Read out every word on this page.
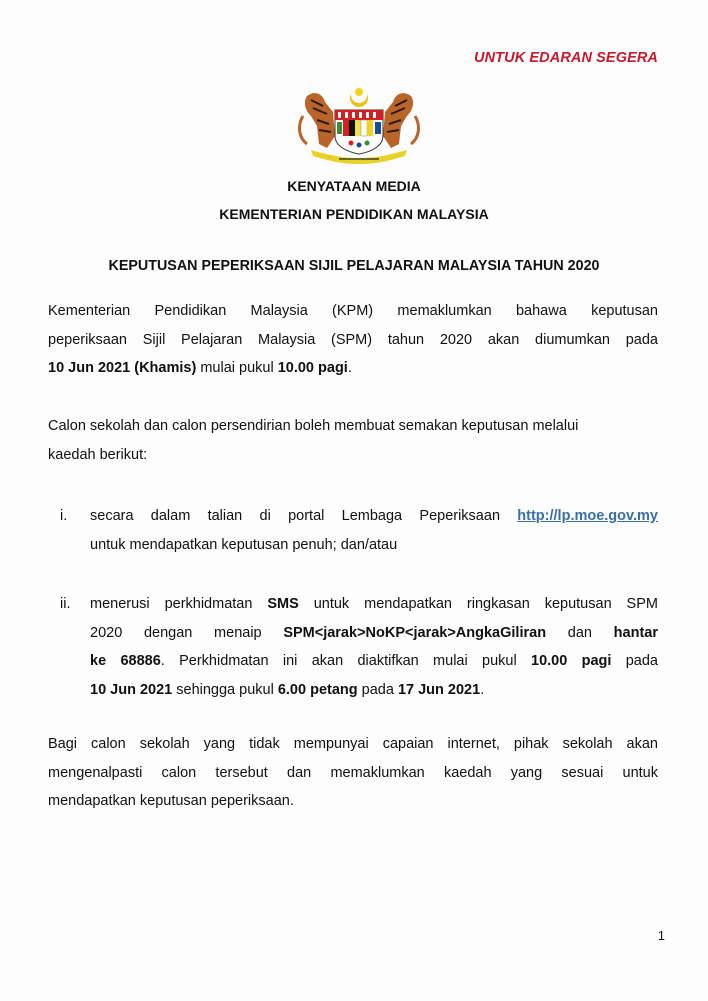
UNTUK EDARAN SEGERA
KENYATAAN MEDIA
KEMENTERIAN PENDIDIKAN MALAYSIA
KEPUTUSAN PEPERIKSAAN SIJIL PELAJARAN MALAYSIA TAHUN 2020
Kementerian Pendidikan Malaysia (KPM) memaklumkan bahawa keputusan
peperiksaan Sijil Pelajaran Malaysia (SPM) tahun 2020 akan diumumkan pada
10 Jun 2021 (Khamis) mulai pukul 10.00 pagi.
Calon sekolah dan calon persendirian boleh membuat semakan keputusan melalui
kaedah berikut:
i. secara dalam talian di portal Lembaga Peperiksaan http://lp.moe.gov.my
untuk mendapatkan keputusan penuh; dan/atau
ii. menerusi perkhidmatan SMS untuk mendapatkan ringkasan keputusan SPM
2020 dengan menaip SPM<jarak>NoKP<jarak>AngkaGiliran dan hantar
ke 68886. Perkhidmatan ini akan diaktifkan mulai pukul 10.00 pagi pada
10 Jun 2021 sehingga pukul 6.00 petang pada 17 Jun 2021.
Bagi calon sekolah yang tidak mempunyai capaian internet, pihak sekolah akan
mengenalpasti calon tersebut dan memaklumkan kaedah yang sesuai untuk
mendapatkan keputusan peperiksaan.
1
